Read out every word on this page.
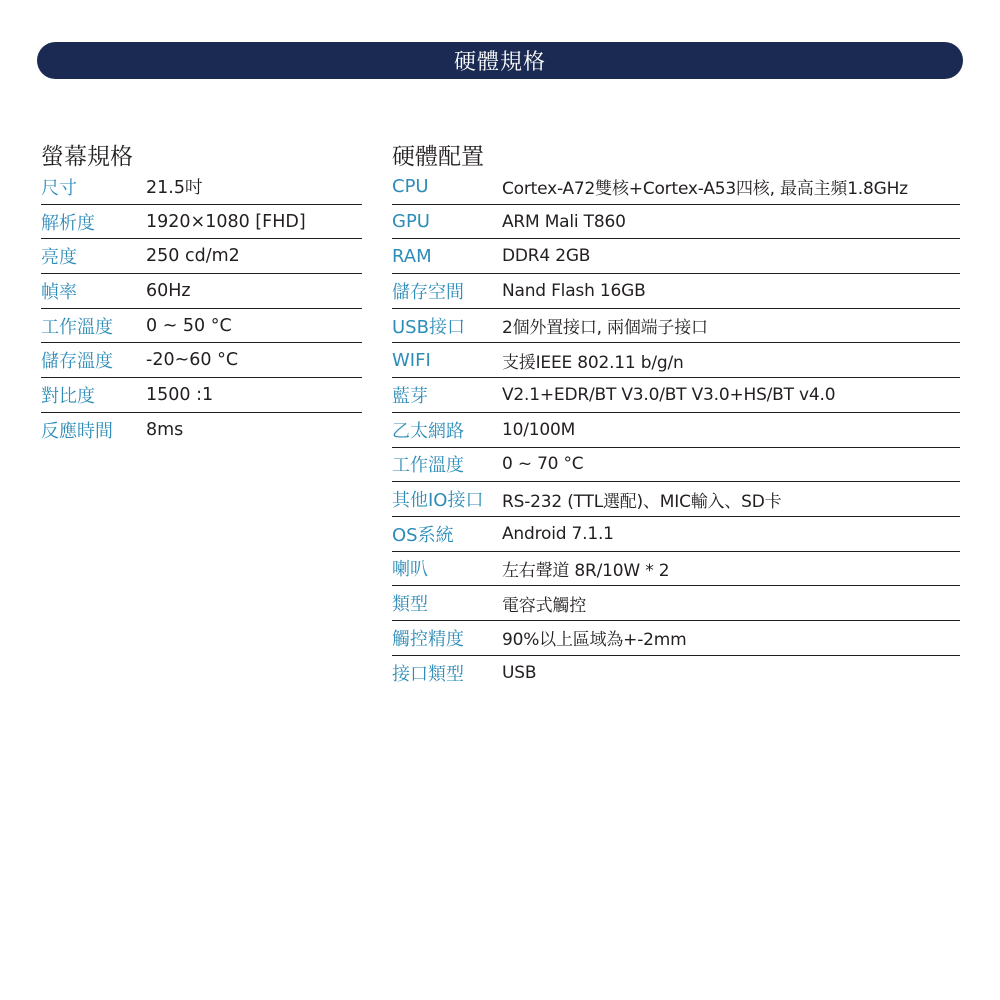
硬體規格
螢幕規格
尺寸	21.5吋
解析度	1920×1080 [FHD]
亮度	250 cd/m2
幀率	60Hz
工作溫度	0 ~ 50 °C
儲存溫度	-20~60 °C
對比度	1500 :1
反應時間	8ms
硬體配置
CPU	Cortex-A72雙核+Cortex-A53四核, 最高主頻1.8GHz
GPU	ARM Mali T860
RAM	DDR4 2GB
儲存空間	Nand Flash 16GB
USB接口	2個外置接口, 兩個端子接口
WIFI	支援IEEE 802.11 b/g/n
藍芽	V2.1+EDR/BT V3.0/BT V3.0+HS/BT v4.0
乙太網路	10/100M
工作溫度	0 ~ 70 °C
其他IO接口	RS-232 (TTL選配)、MIC輸入、SD卡
OS系統	Android 7.1.1
喇叭	左右聲道 8R/10W * 2
類型	電容式觸控
觸控精度	90%以上區域為+-2mm
接口類型	USB
